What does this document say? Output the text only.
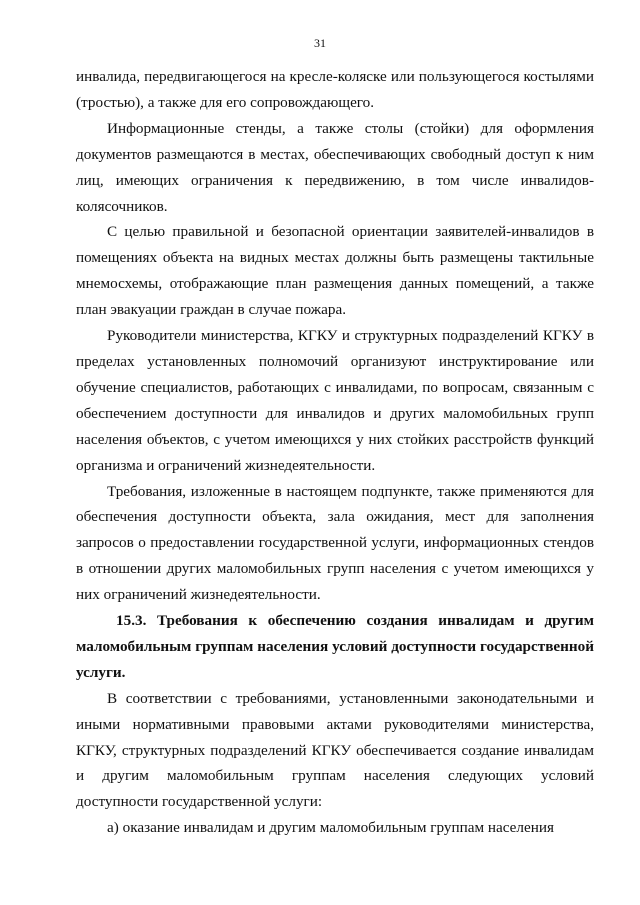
31

инвалида, передвигающегося на кресле-коляске или пользующегося костылями (тростью), а также для его сопровождающего.

Информационные стенды, а также столы (стойки) для оформления документов размещаются в местах, обеспечивающих свободный доступ к ним лиц, имеющих ограничения к передвижению, в том числе инвалидов-колясочников.

С целью правильной и безопасной ориентации заявителей-инвалидов в помещениях объекта на видных местах должны быть размещены тактильные мнемосхемы, отображающие план размещения данных помещений, а также план эвакуации граждан в случае пожара.

Руководители министерства, КГКУ и структурных подразделений КГКУ в пределах установленных полномочий организуют инструктирование или обучение специалистов, работающих с инвалидами, по вопросам, связанным с обеспечением доступности для инвалидов и других маломобильных групп населения объектов, с учетом имеющихся у них стойких расстройств функций организма и ограничений жизнедеятельности.

Требования, изложенные в настоящем подпункте, также применяются для обеспечения доступности объекта, зала ожидания, мест для заполнения запросов о предоставлении государственной услуги, информационных стендов в отношении других маломобильных групп населения с учетом имеющихся у них ограничений жизнедеятельности.

15.3. Требования к обеспечению создания инвалидам и другим маломобильным группам населения условий доступности государственной услуги.

В соответствии с требованиями, установленными законодательными и иными нормативными правовыми актами руководителями министерства, КГКУ, структурных подразделений КГКУ обеспечивается создание инвалидам и другим маломобильным группам населения следующих условий доступности государственной услуги:

а) оказание инвалидам и другим маломобильным группам населения
